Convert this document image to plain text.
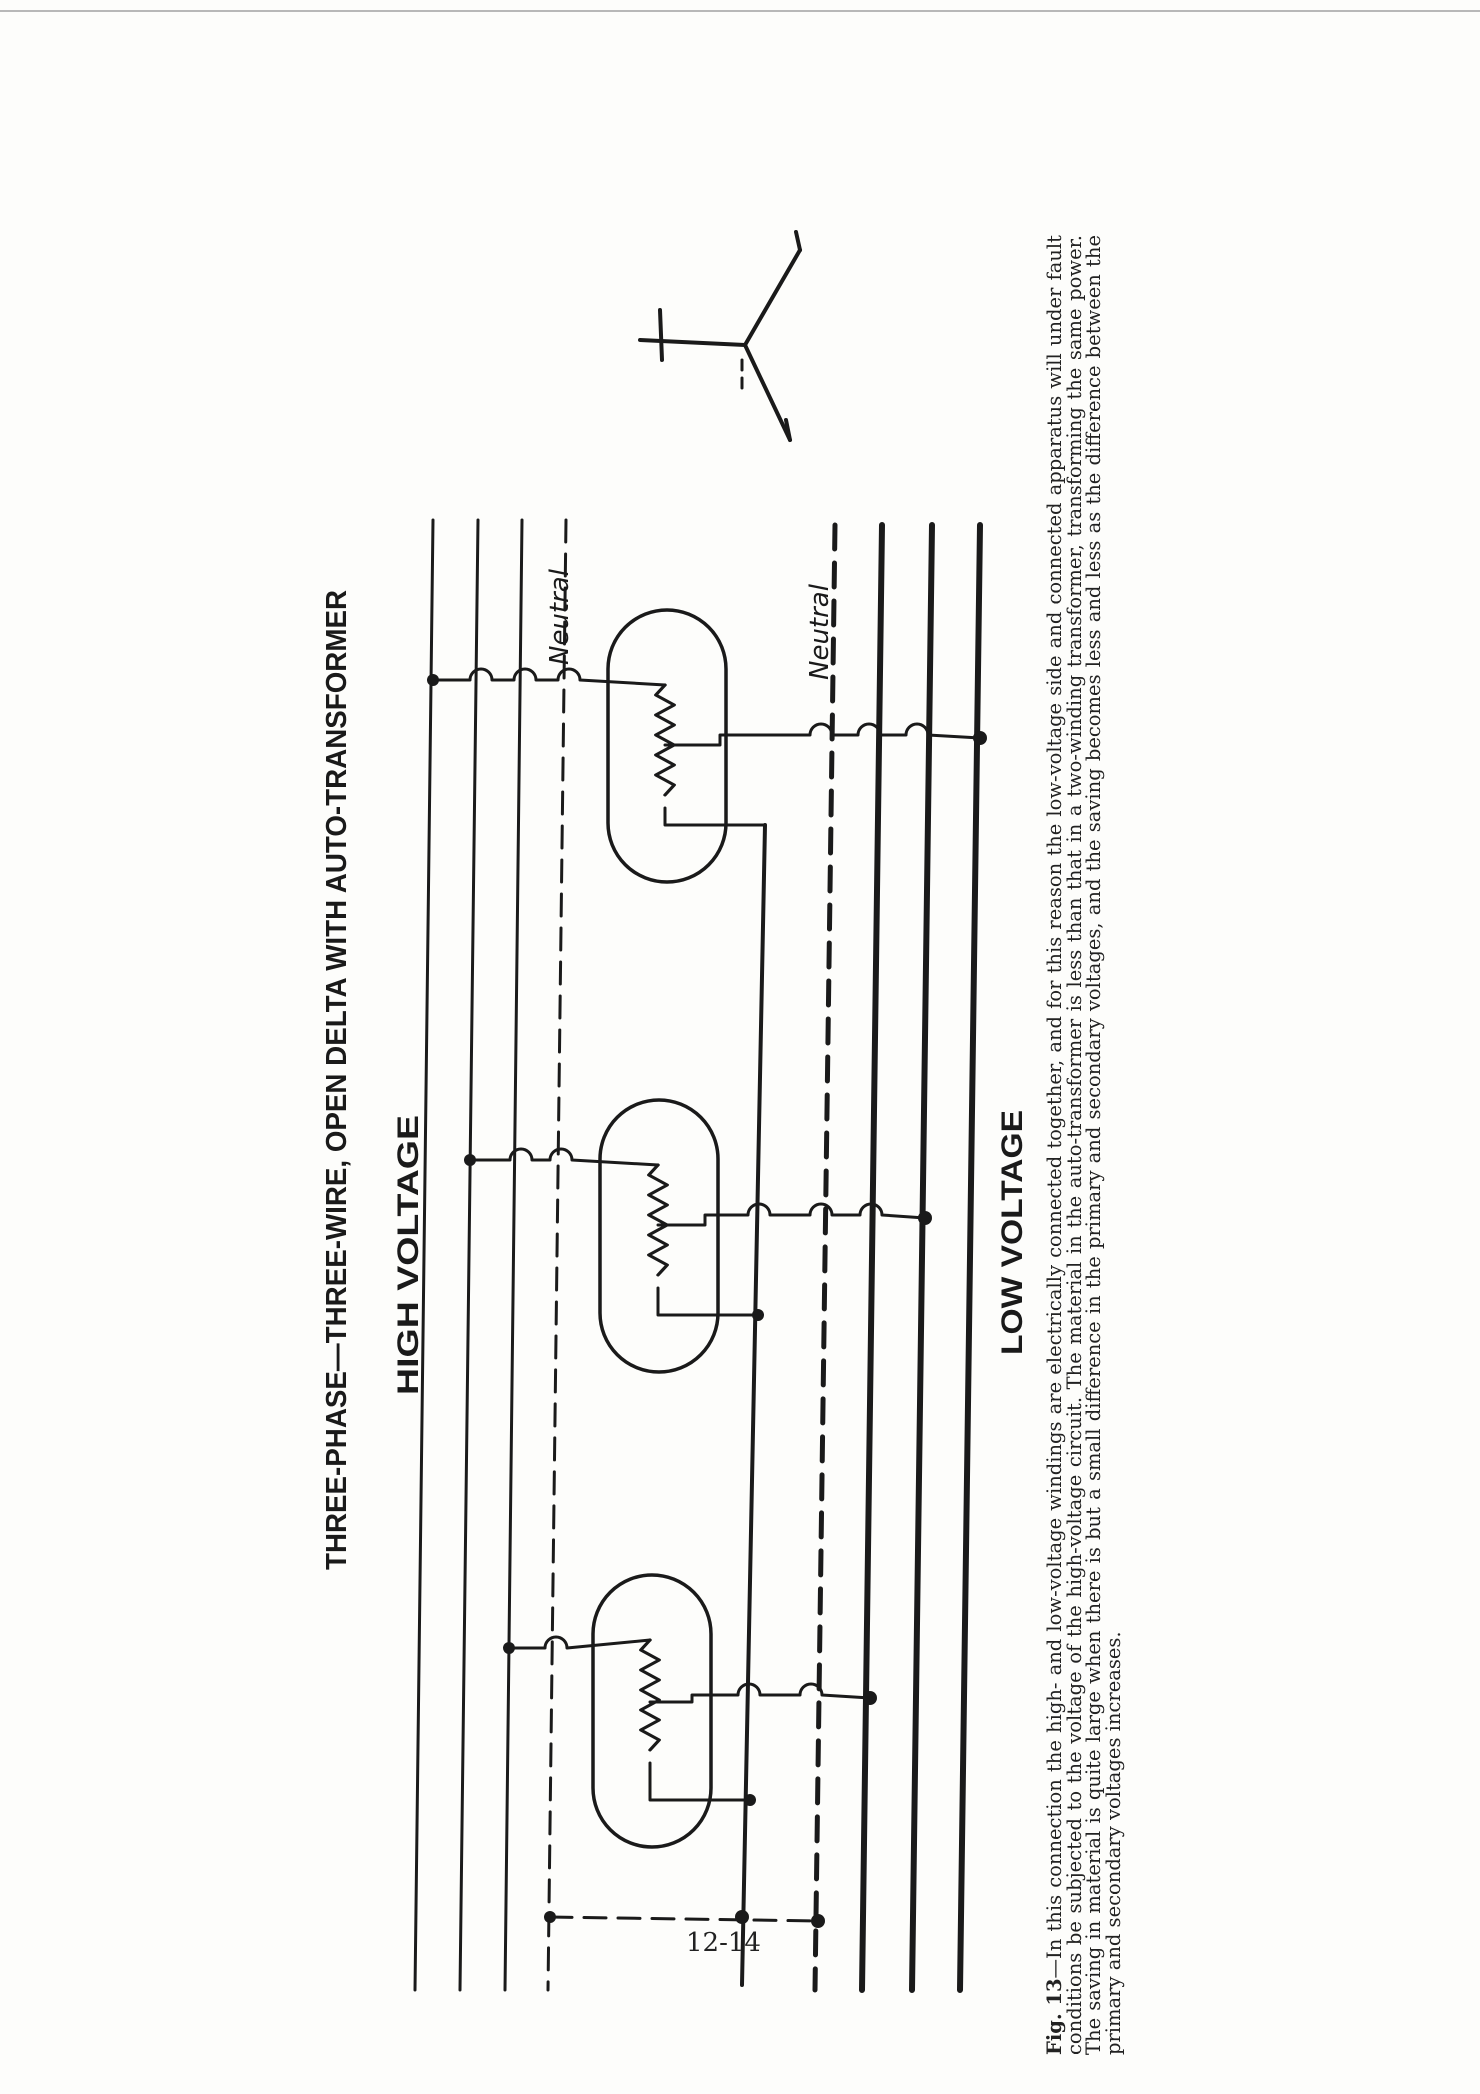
THREE-PHASE—THREE-WIRE, OPEN DELTA WITH AUTO-TRANSFORMER HIGH VOLTAGE	LOW VOLTAGE
Neutral	Neutral

Fig. 13—In this connection the high- and low-voltage windings are electrically connected together, and for this reason the low-voltage side and connected apparatus will under fault conditions be subjected to the voltage of the high-voltage circuit. The material in the auto-transformer is less than that in a two-winding transformer, transforming the same power. The saving in material is quite large when there is but a small difference in the primary and secondary voltages, and the saving becomes less and less as the difference between the primary and secondary voltages increases.

12-14
